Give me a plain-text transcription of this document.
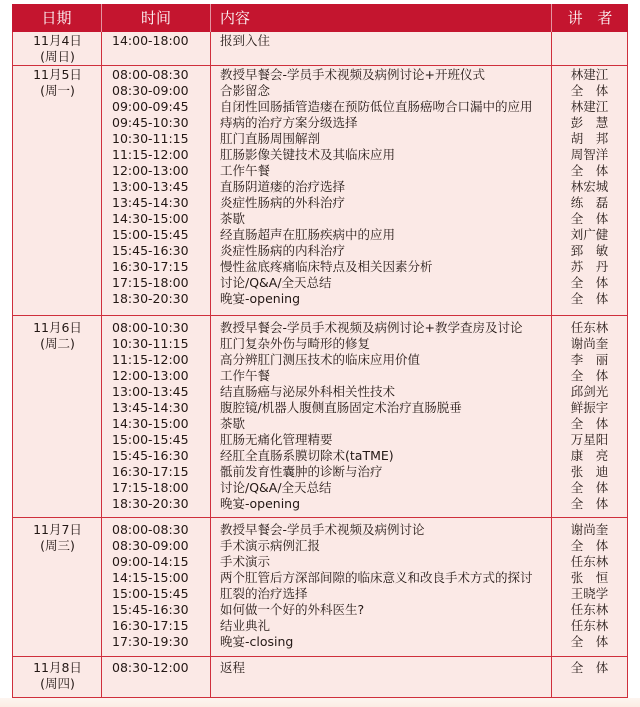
日期	时间	内容	讲 者
11月4日
(周日)
14:00-18:00	报到入住
11月5日
(周一)
08:00-08:30	教授早餐会-学员手术视频及病例讨论+开班仪式	林建江
08:30-09:00	合影留念	全 体
09:00-09:45	自闭性回肠插管造瘘在预防低位直肠癌吻合口漏中的应用	林建江
09:45-10:30	痔病的治疗方案分级选择	彭 慧
10:30-11:15	肛门直肠周围解剖	胡 邦
11:15-12:00	肛肠影像关键技术及其临床应用	周智洋
12:00-13:00	工作午餐	全 体
13:00-13:45	直肠阴道瘘的治疗选择	林宏城
13:45-14:30	炎症性肠病的外科治疗	练 磊
14:30-15:00	茶歇	全 体
15:00-15:45	经直肠超声在肛肠疾病中的应用	刘广健
15:45-16:30	炎症性肠病的内科治疗	郅 敏
16:30-17:15	慢性盆底疼痛临床特点及相关因素分析	苏 丹
17:15-18:00	讨论/Q&A/全天总结	全 体
18:30-20:30	晚宴-opening	全 体
11月6日
(周二)
08:00-10:30	教授早餐会-学员手术视频及病例讨论+教学查房及讨论	任东林
10:30-11:15	肛门复杂外伤与畸形的修复	谢尚奎
11:15-12:00	高分辨肛门测压技术的临床应用价值	李 丽
12:00-13:00	工作午餐	全 体
13:00-13:45	结直肠癌与泌尿外科相关性技术	邱剑光
13:45-14:30	腹腔镜/机器人腹侧直肠固定术治疗直肠脱垂	鲜振宇
14:30-15:00	茶歇	全 体
15:00-15:45	肛肠无痛化管理精要	万星阳
15:45-16:30	经肛全直肠系膜切除术(taTME)	康 亮
16:30-17:15	骶前发育性囊肿的诊断与治疗	张 迪
17:15-18:00	讨论/Q&A/全天总结	全 体
18:30-20:30	晚宴-opening	全 体
11月7日
(周三)
08:00-08:30	教授早餐会-学员手术视频及病例讨论	谢尚奎
08:30-09:00	手术演示病例汇报	全 体
09:00-14:15	手术演示	任东林
14:15-15:00	两个肛管后方深部间隙的临床意义和改良手术方式的探讨	张 恒
15:00-15:45	肛裂的治疗选择	王晓学
15:45-16:30	如何做一个好的外科医生?	任东林
16:30-17:15	结业典礼	任东林
17:30-19:30	晚宴-closing	全 体
11月8日
(周四)
08:30-12:00	返程	全 体
